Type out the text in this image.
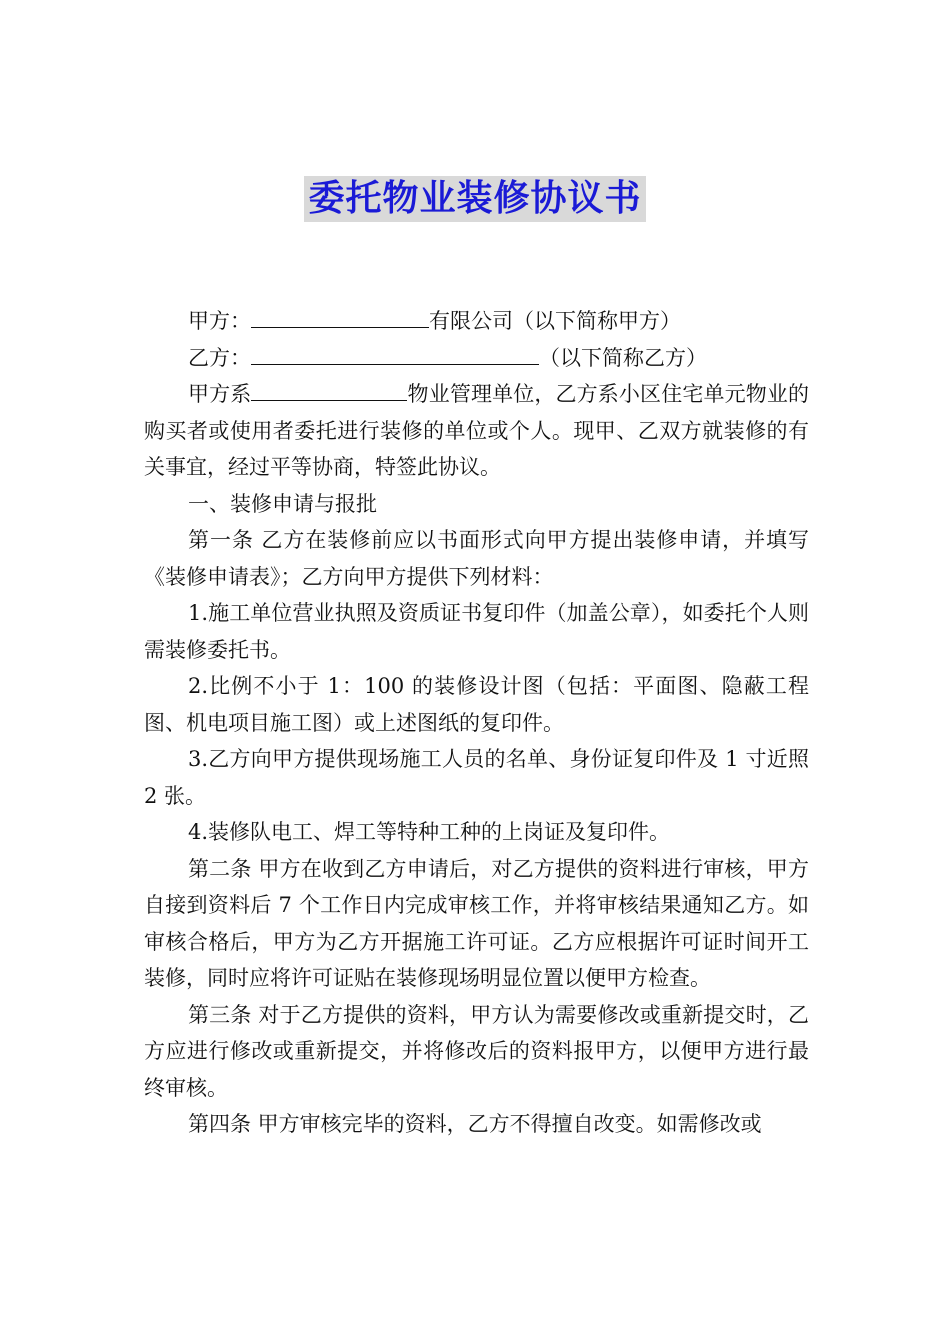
委托物业装修协议书

甲方：	有限公司（以下简称甲方）

乙方：	（以下简称乙方）

甲方系	物业管理单位，乙方系小区住宅单元物业的购买者或使用者委托进行装修的单位或个人。现甲、乙双方就装修的有关事宜，经过平等协商，特签此协议。

一、装修申请与报批

第一条 乙方在装修前应以书面形式向甲方提出装修申请，并填写《装修申请表》；乙方向甲方提供下列材料：

1.施工单位营业执照及资质证书复印件（加盖公章），如委托个人则需装修委托书。

2.比例不小于 1：100 的装修设计图（包括：平面图、隐蔽工程图、机电项目施工图）或上述图纸的复印件。

3.乙方向甲方提供现场施工人员的名单、身份证复印件及 1 寸近照 2 张。

4.装修队电工、焊工等特种工种的上岗证及复印件。

第二条 甲方在收到乙方申请后，对乙方提供的资料进行审核，甲方自接到资料后 7 个工作日内完成审核工作，并将审核结果通知乙方。如审核合格后，甲方为乙方开据施工许可证。乙方应根据许可证时间开工装修，同时应将许可证贴在装修现场明显位置以便甲方检查。

第三条 对于乙方提供的资料，甲方认为需要修改或重新提交时，乙方应进行修改或重新提交，并将修改后的资料报甲方，以便甲方进行最终审核。

第四条 甲方审核完毕的资料，乙方不得擅自改变。如需修改或
